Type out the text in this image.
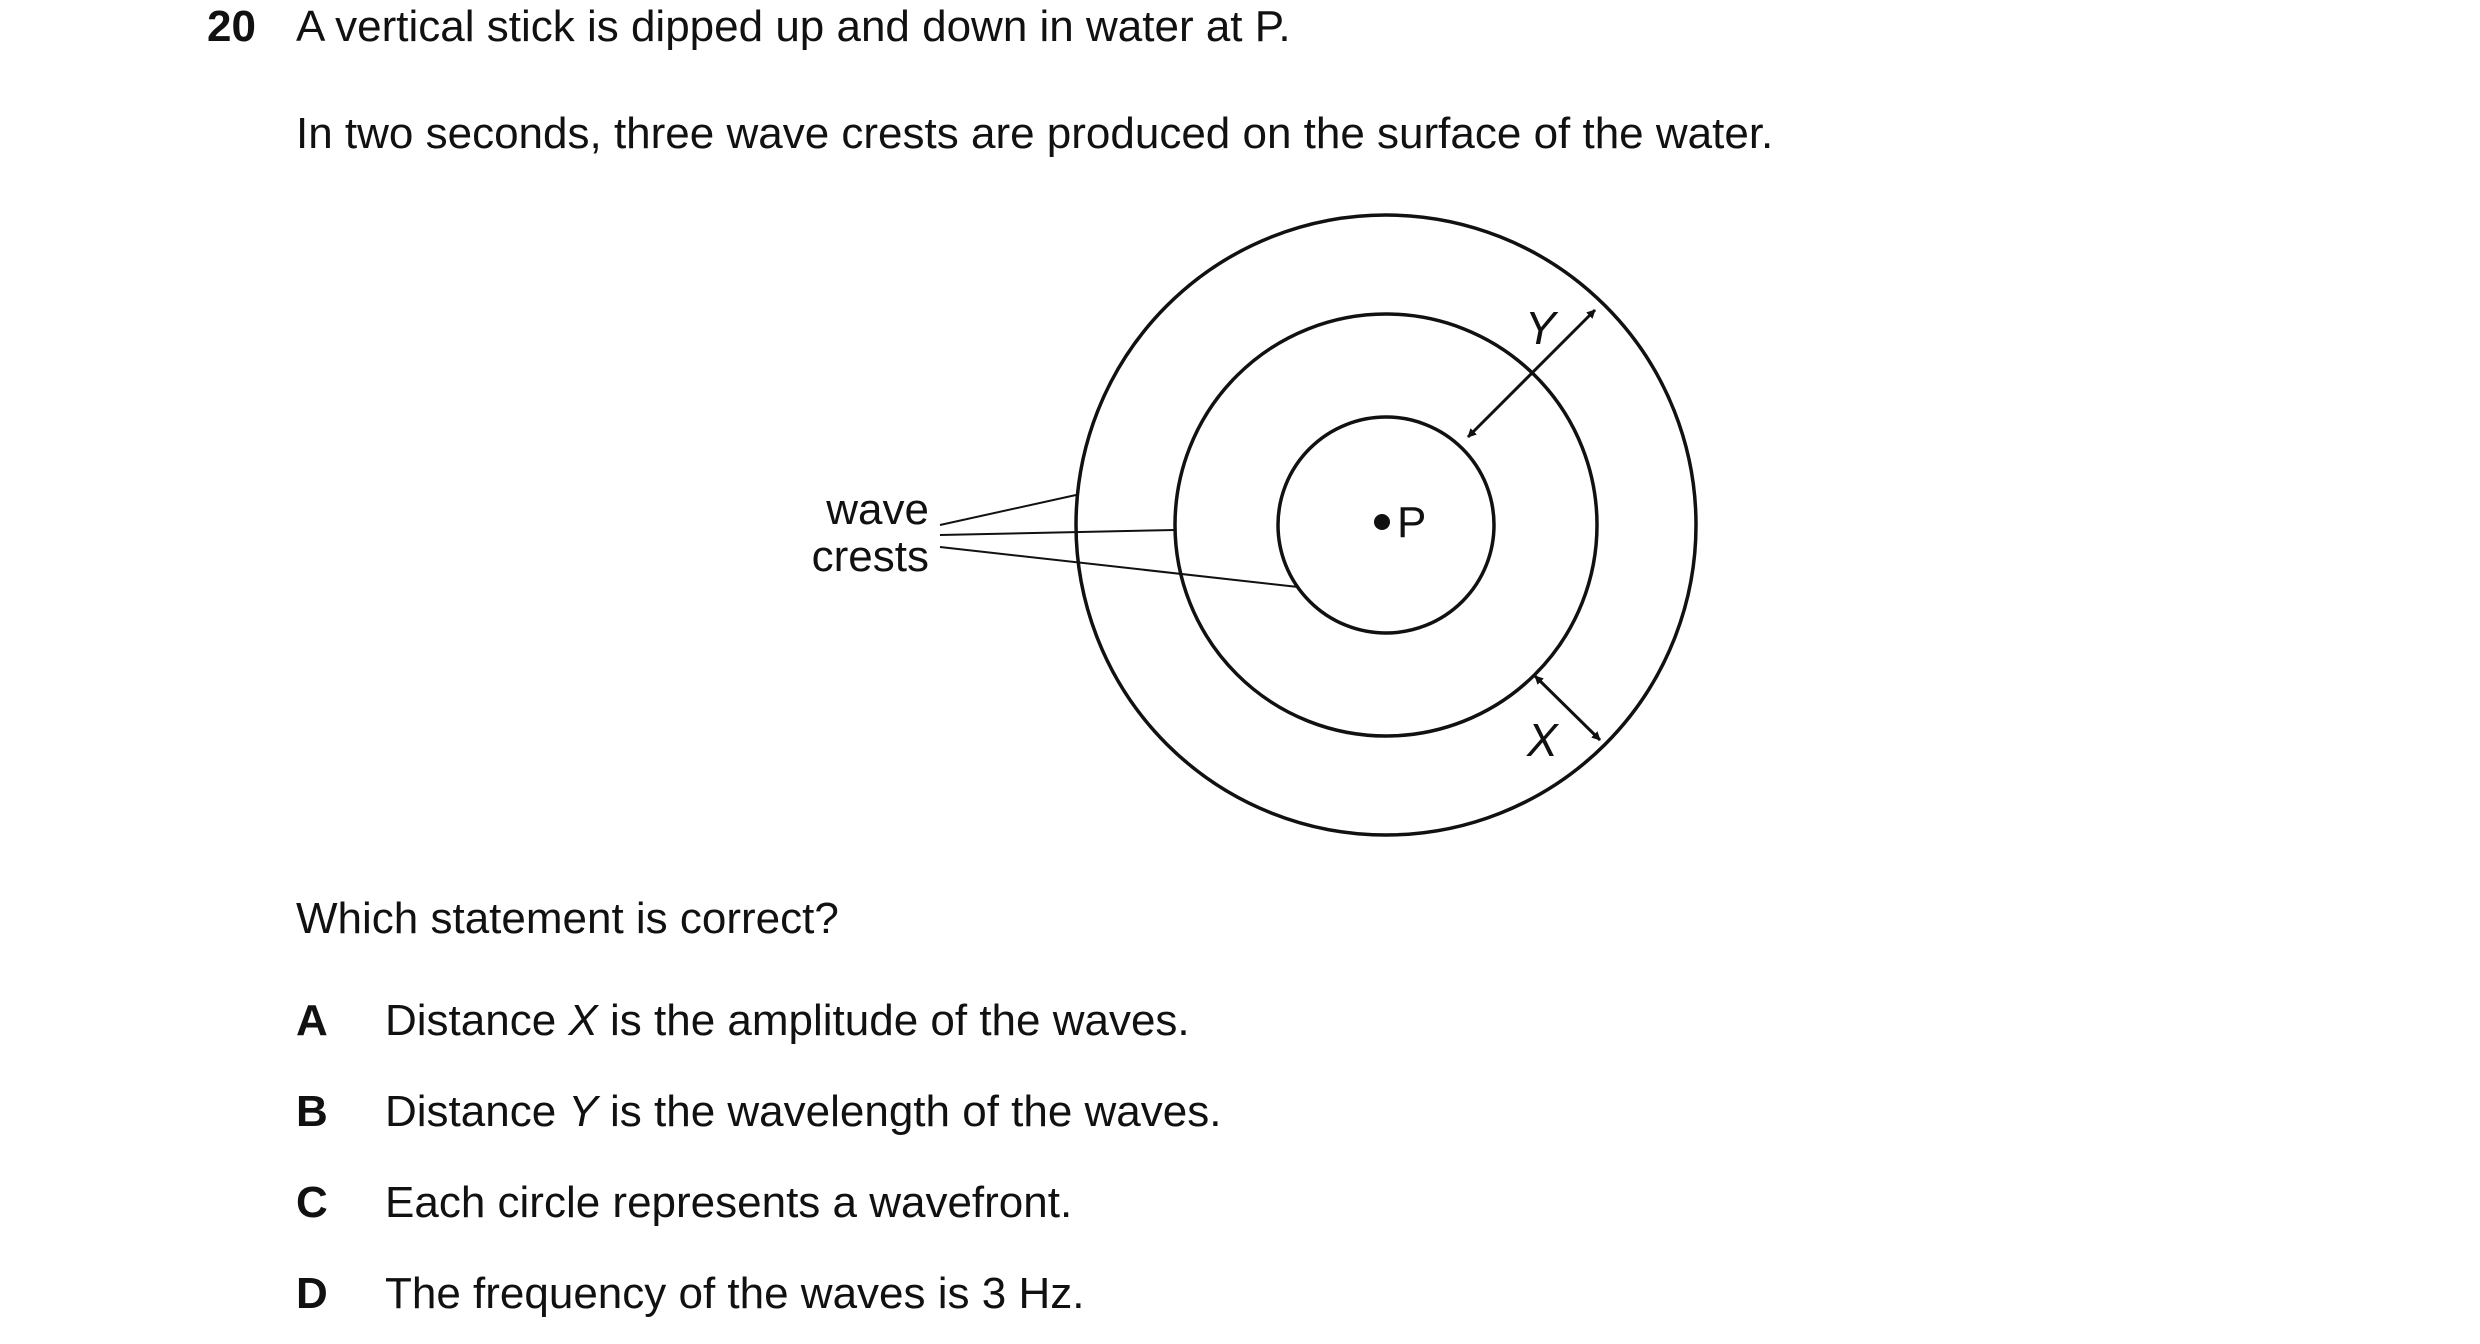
20 A vertical stick is dipped up and down in water at P.
In two seconds, three wave crests are produced on the surface of the water.
P
wave
crests
Y
X
Which statement is correct?
A Distance X is the amplitude of the waves.
B Distance Y is the wavelength of the waves.
C Each circle represents a wavefront.
D The frequency of the waves is 3 Hz.
